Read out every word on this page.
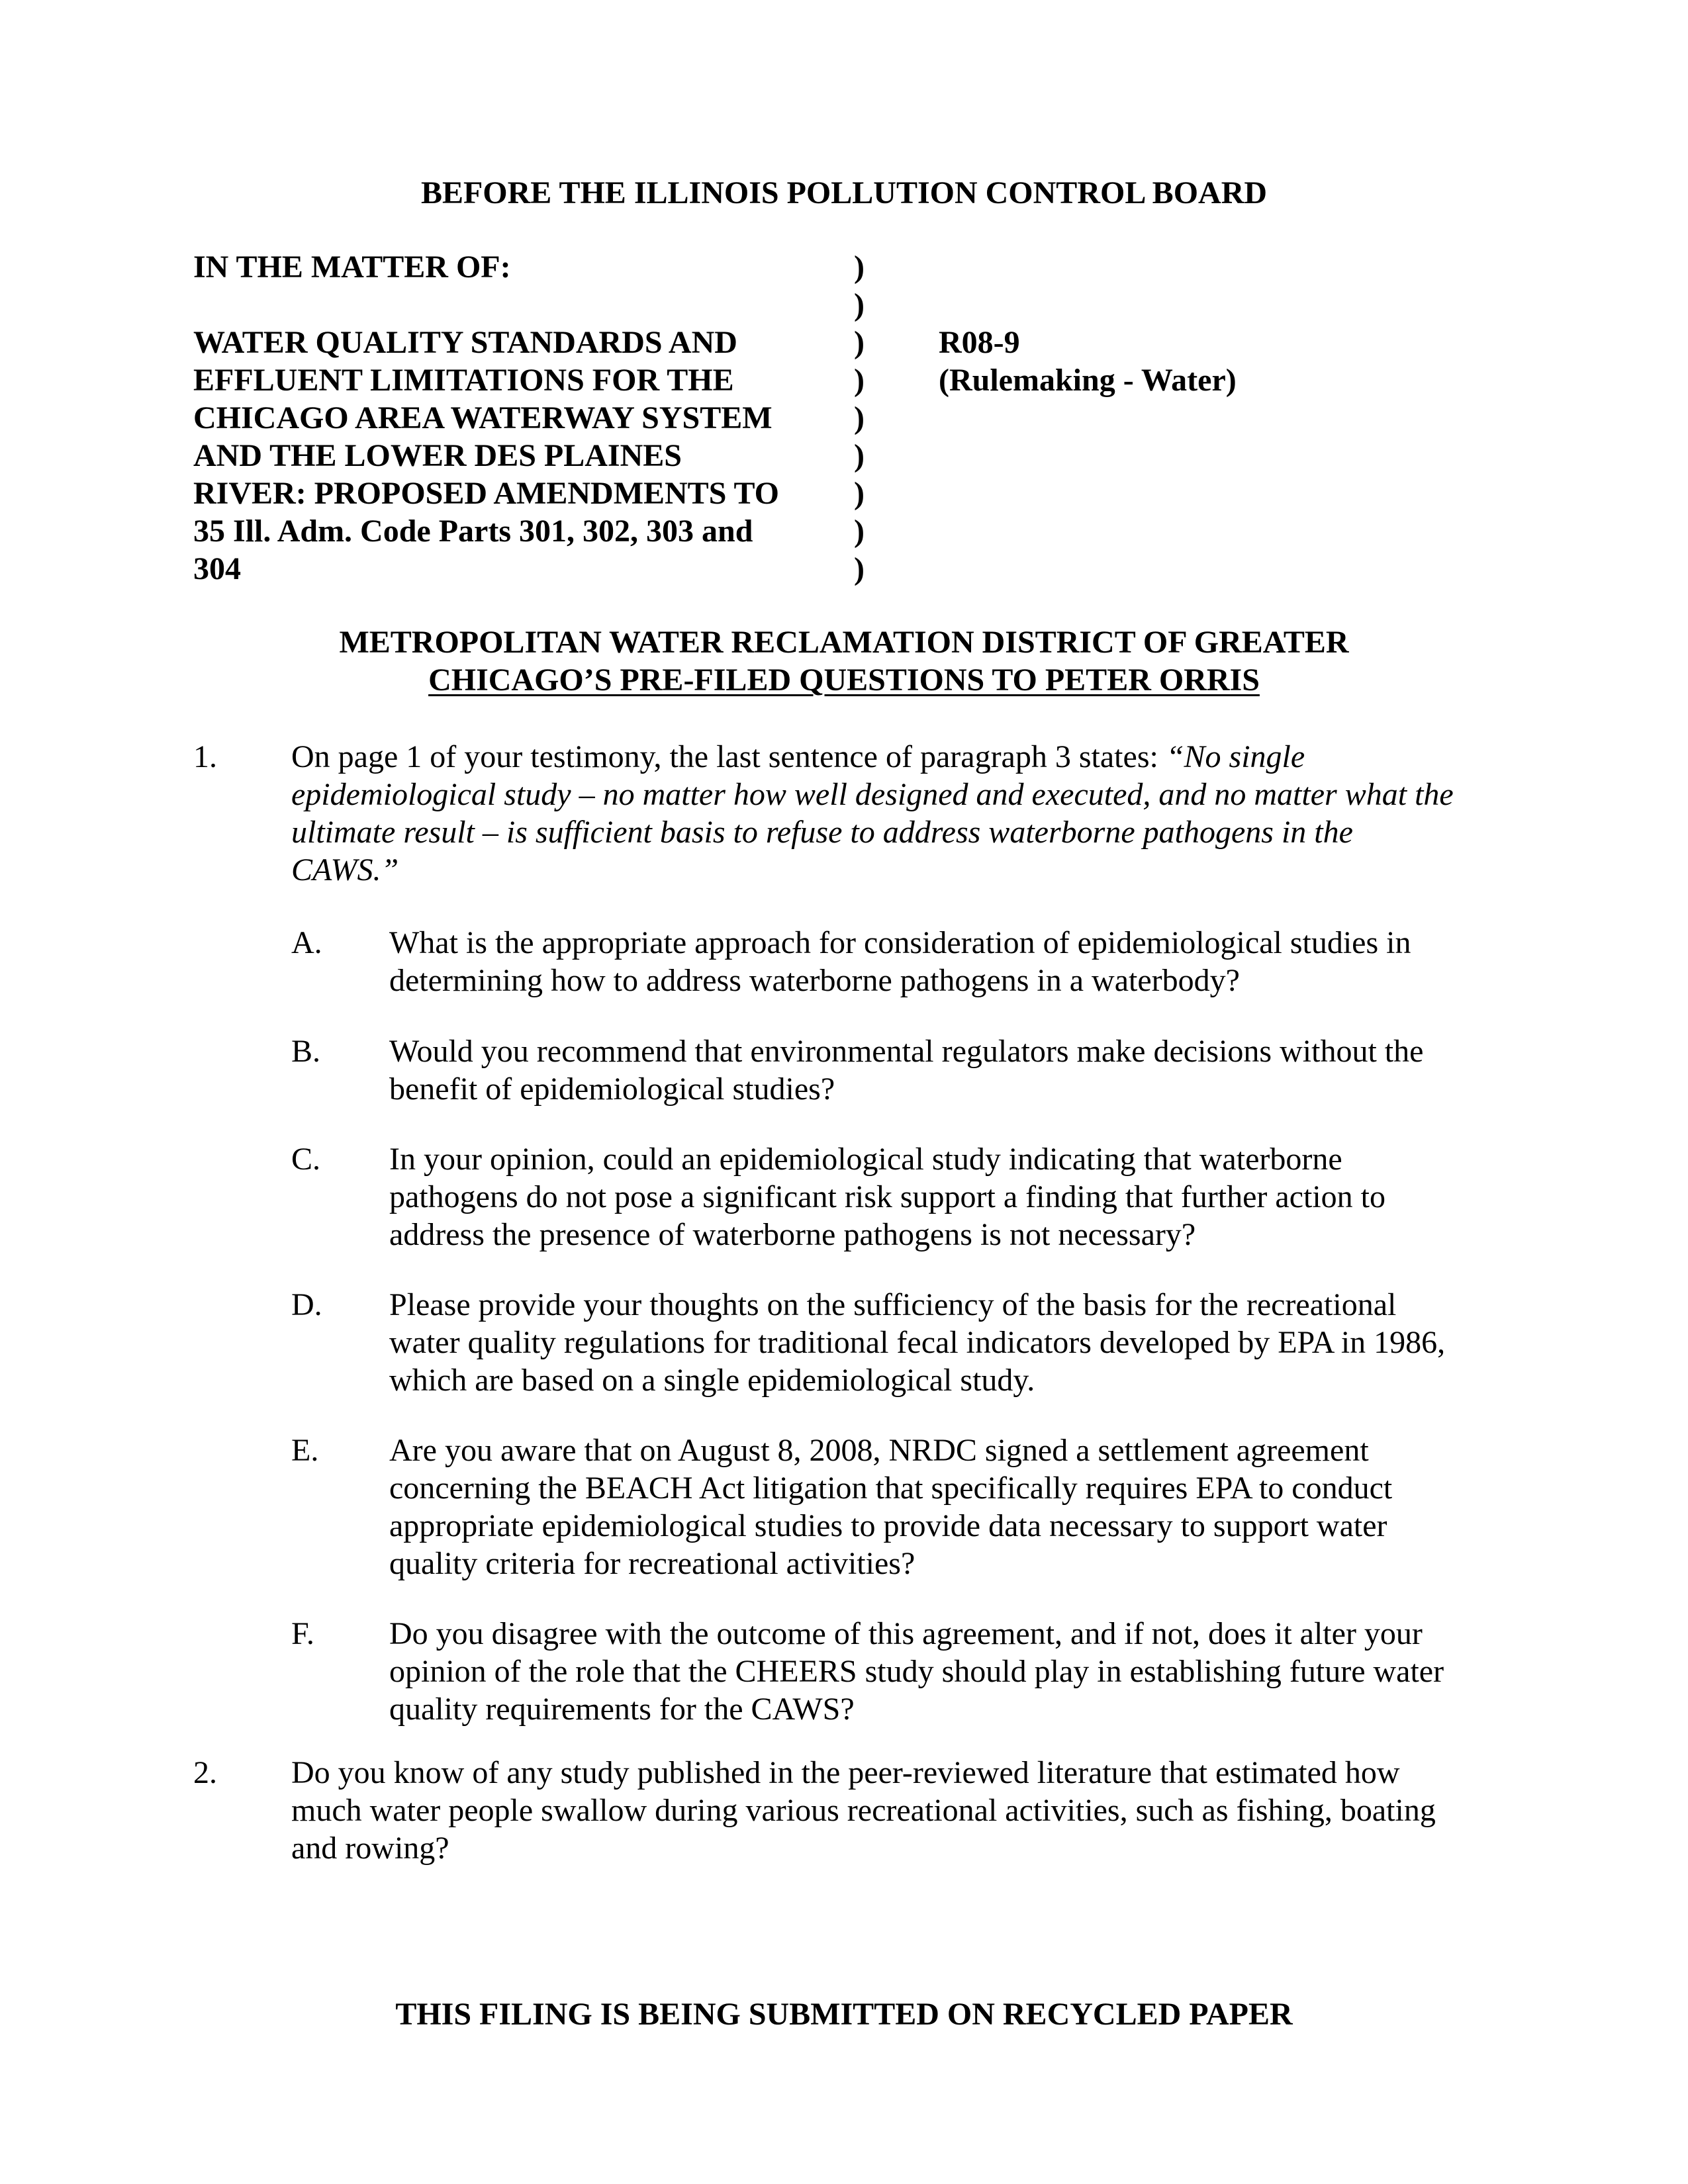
BEFORE THE ILLINOIS POLLUTION CONTROL BOARD
IN THE MATTER OF:
WATER QUALITY STANDARDS AND
EFFLUENT LIMITATIONS FOR THE
CHICAGO AREA WATERWAY SYSTEM
AND THE LOWER DES PLAINES
RIVER: PROPOSED AMENDMENTS TO
35 Ill. Adm. Code Parts 301, 302, 303 and
304
)
)
)
)
)
)
)
)
)
R08-9
(Rulemaking - Water)
METROPOLITAN WATER RECLAMATION DISTRICT OF GREATER
CHICAGO’S PRE-FILED QUESTIONS TO PETER ORRIS
1. On page 1 of your testimony, the last sentence of paragraph 3 states: “No single epidemiological study – no matter how well designed and executed, and no matter what the ultimate result – is sufficient basis to refuse to address waterborne pathogens in the CAWS.”
A. What is the appropriate approach for consideration of epidemiological studies in determining how to address waterborne pathogens in a waterbody?
B. Would you recommend that environmental regulators make decisions without the benefit of epidemiological studies?
C. In your opinion, could an epidemiological study indicating that waterborne pathogens do not pose a significant risk support a finding that further action to address the presence of waterborne pathogens is not necessary?
D. Please provide your thoughts on the sufficiency of the basis for the recreational water quality regulations for traditional fecal indicators developed by EPA in 1986, which are based on a single epidemiological study.
E. Are you aware that on August 8, 2008, NRDC signed a settlement agreement concerning the BEACH Act litigation that specifically requires EPA to conduct appropriate epidemiological studies to provide data necessary to support water quality criteria for recreational activities?
F. Do you disagree with the outcome of this agreement, and if not, does it alter your opinion of the role that the CHEERS study should play in establishing future water quality requirements for the CAWS?
2. Do you know of any study published in the peer-reviewed literature that estimated how much water people swallow during various recreational activities, such as fishing, boating and rowing?
THIS FILING IS BEING SUBMITTED ON RECYCLED PAPER
